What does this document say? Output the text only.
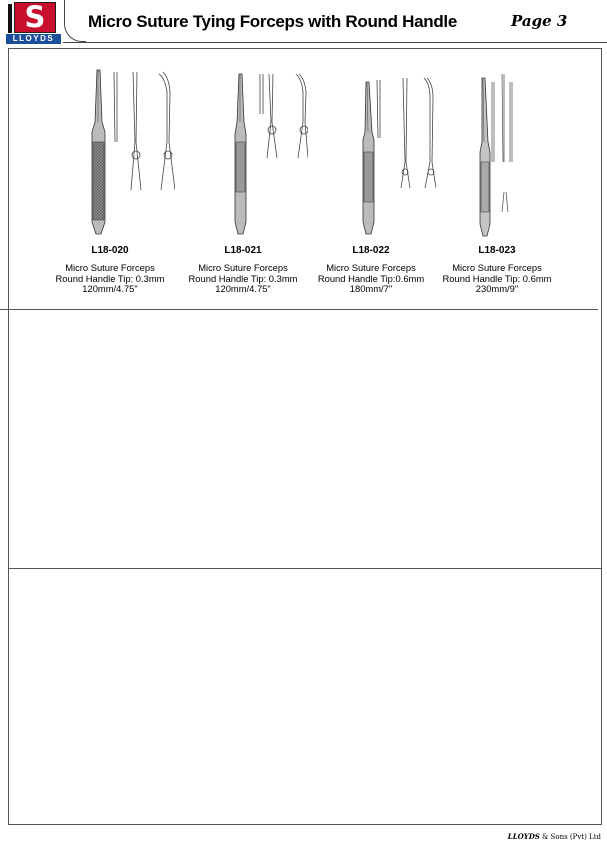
S
LLOYDS
Micro Suture Tying Forceps with Round Handle	Page 3
L18-020
Micro Suture Forceps
Round Handle Tip: 0.3mm
120mm/4.75"
L18-021
Micro Suture Forceps
Round Handle Tip: 0.3mm
120mm/4.75"
L18-022
Micro Suture Forceps
Round Handle Tip:0.6mm
180mm/7"
L18-023
Micro Suture Forceps
Round Handle Tip: 0.6mm
230mm/9"
LLOYDS & Sons (Pvt) Ltd
